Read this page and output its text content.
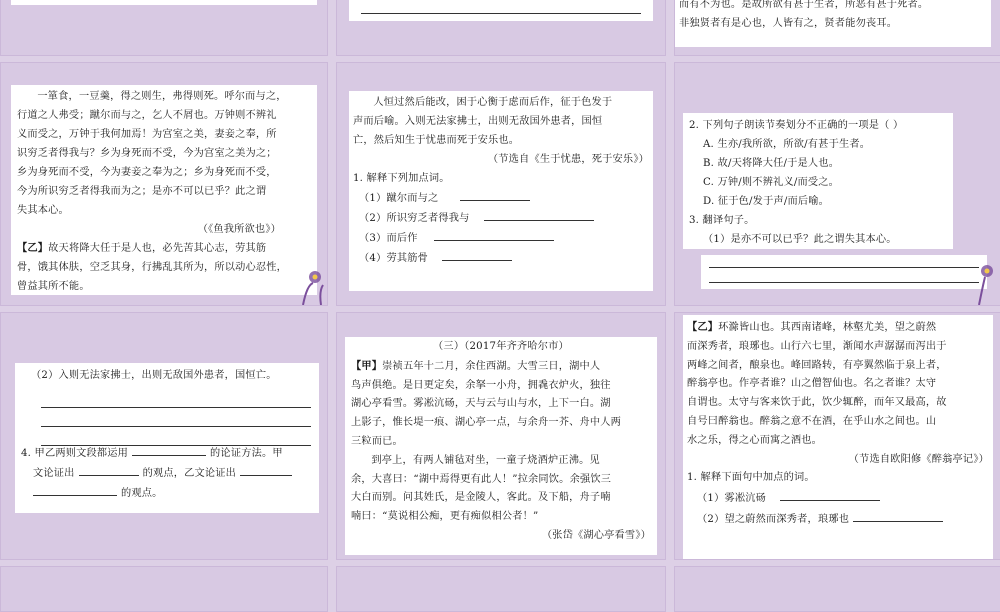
而有不为也。是故所欲有甚于生者，所恶有甚于死者。

非独贤者有是心也，人皆有之，贤者能勿丧耳。

一箪食，一豆羹，得之则生，弗得则死。呼尔而与之，

行道之人弗受；蹴尔而与之，乞人不屑也。万钟则不辨礼

义而受之，万钟于我何加焉！为宫室之美，妻妾之奉，所

识穷乏者得我与？乡为身死而不受，今为宫室之美为之；

乡为身死而不受，今为妻妾之奉为之；乡为身死而不受，

今为所识穷乏者得我而为之；是亦不可以已乎？此之谓

失其本心。

（《鱼我所欲也》）

【乙】故天将降大任于是人也，必先苦其心志，劳其筋

骨，饿其体肤，空乏其身，行拂乱其所为，所以动心忍性，

曾益其所不能。

人恒过然后能改，困于心衡于虑而后作，征于色发于

声而后喻。入则无法家拂士，出则无敌国外患者，国恒

亡，然后知生于忧患而死于安乐也。

（节选自《生于忧患，死于安乐》）

1. 解释下列加点词。

（1）蹴尔而与之

（2）所识穷乏者得我与

（3）而后作

（4）劳其筋骨

2. 下列句子朗读节奏划分不正确的一项是（ ）

A. 生亦/我所欲，所欲/有甚于生者。

B. 故/天将降大任/于是人也。

C. 万钟/则不辨礼义/而受之。

D. 征于色/发于声/而后喻。

3. 翻译句子。

（1）是亦不可以已乎？此之谓失其本心。

（2）入则无法家拂士，出则无敌国外患者，国恒亡。

4. 甲乙两则文段都运用	的论证方法。甲

文论证出	的观点，乙文论证出

的观点。

（三）（2017年齐齐哈尔市）

【甲】崇祯五年十二月，余住西湖。大雪三日，湖中人

鸟声俱绝。是日更定矣，余拏一小舟，拥毳衣炉火，独往

湖心亭看雪。雾凇沆砀，天与云与山与水，上下一白。湖

上影子，惟长堤一痕、湖心亭一点，与余舟一芥、舟中人两

三粒而已。

到亭上，有两人铺毡对坐，一童子烧酒炉正沸。见

余，大喜曰：“湖中焉得更有此人！”拉余同饮。余强饮三

大白而别。问其姓氏，是金陵人，客此。及下船，舟子喃

喃曰：“莫说相公痴，更有痴似相公者！”

（张岱《湖心亭看雪》）

【乙】环滁皆山也。其西南诸峰，林壑尤美，望之蔚然

而深秀者，琅琊也。山行六七里，渐闻水声潺潺而泻出于

两峰之间者，酿泉也。峰回路转，有亭翼然临于泉上者，

醉翁亭也。作亭者谁？山之僧智仙也。名之者谁？太守

自谓也。太守与客来饮于此，饮少辄醉，而年又最高，故

自号曰醉翁也。醉翁之意不在酒，在乎山水之间也。山

水之乐，得之心而寓之酒也。

（节选自欧阳修《醉翁亭记》）

1. 解释下面句中加点的词。

（1）雾凇沆砀

（2）望之蔚然而深秀者，琅琊也
